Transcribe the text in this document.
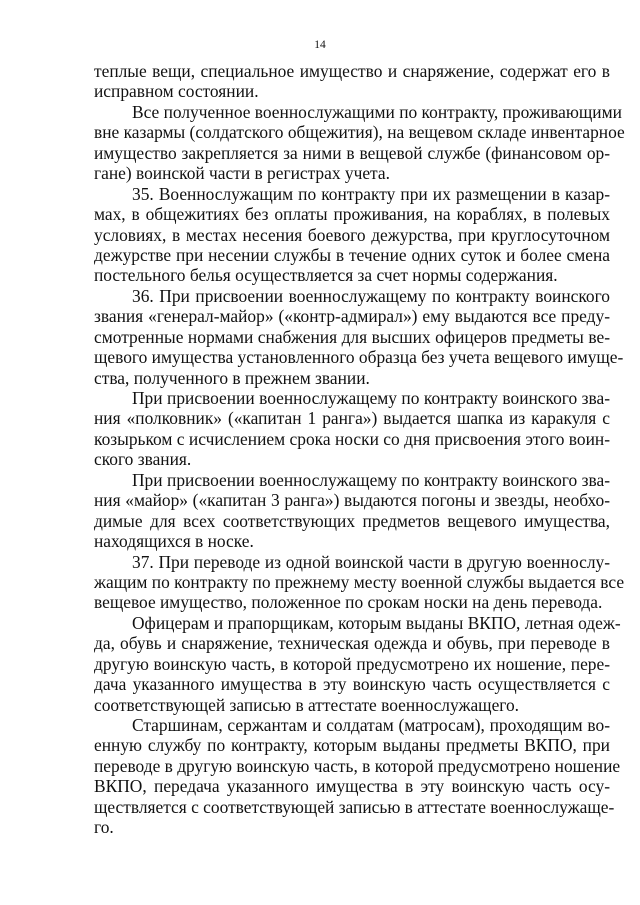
14
теплые вещи, специальное имущество и снаряжение, содержат его в
исправном состоянии.
Все полученное военнослужащими по контракту, проживающими
вне казармы (солдатского общежития), на вещевом складе инвентарное
имущество закрепляется за ними в вещевой службе (финансовом ор-
гане) воинской части в регистрах учета.
35. Военнослужащим по контракту при их размещении в казар-
мах, в общежитиях без оплаты проживания, на кораблях, в полевых
условиях, в местах несения боевого дежурства, при круглосуточном
дежурстве при несении службы в течение одних суток и более смена
постельного белья осуществляется за счет нормы содержания.
36. При присвоении военнослужащему по контракту воинского
звания «генерал-майор» («контр-адмирал») ему выдаются все преду-
смотренные нормами снабжения для высших офицеров предметы ве-
щевого имущества установленного образца без учета вещевого имуще-
ства, полученного в прежнем звании.
При присвоении военнослужащему по контракту воинского зва-
ния «полковник» («капитан 1 ранга») выдается шапка из каракуля с
козырьком с исчислением срока носки со дня присвоения этого воин-
ского звания.
При присвоении военнослужащему по контракту воинского зва-
ния «майор» («капитан 3 ранга») выдаются погоны и звезды, необхо-
димые для всех соответствующих предметов вещевого имущества,
находящихся в носке.
37. При переводе из одной воинской части в другую военнослу-
жащим по контракту по прежнему месту военной службы выдается все
вещевое имущество, положенное по срокам носки на день перевода.
Офицерам и прапорщикам, которым выданы ВКПО, летная одеж-
да, обувь и снаряжение, техническая одежда и обувь, при переводе в
другую воинскую часть, в которой предусмотрено их ношение, пере-
дача указанного имущества в эту воинскую часть осуществляется с
соответствующей записью в аттестате военнослужащего.
Старшинам, сержантам и солдатам (матросам), проходящим во-
енную службу по контракту, которым выданы предметы ВКПО, при
переводе в другую воинскую часть, в которой предусмотрено ношение
ВКПО, передача указанного имущества в эту воинскую часть осу-
ществляется с соответствующей записью в аттестате военнослужаще-
го.
